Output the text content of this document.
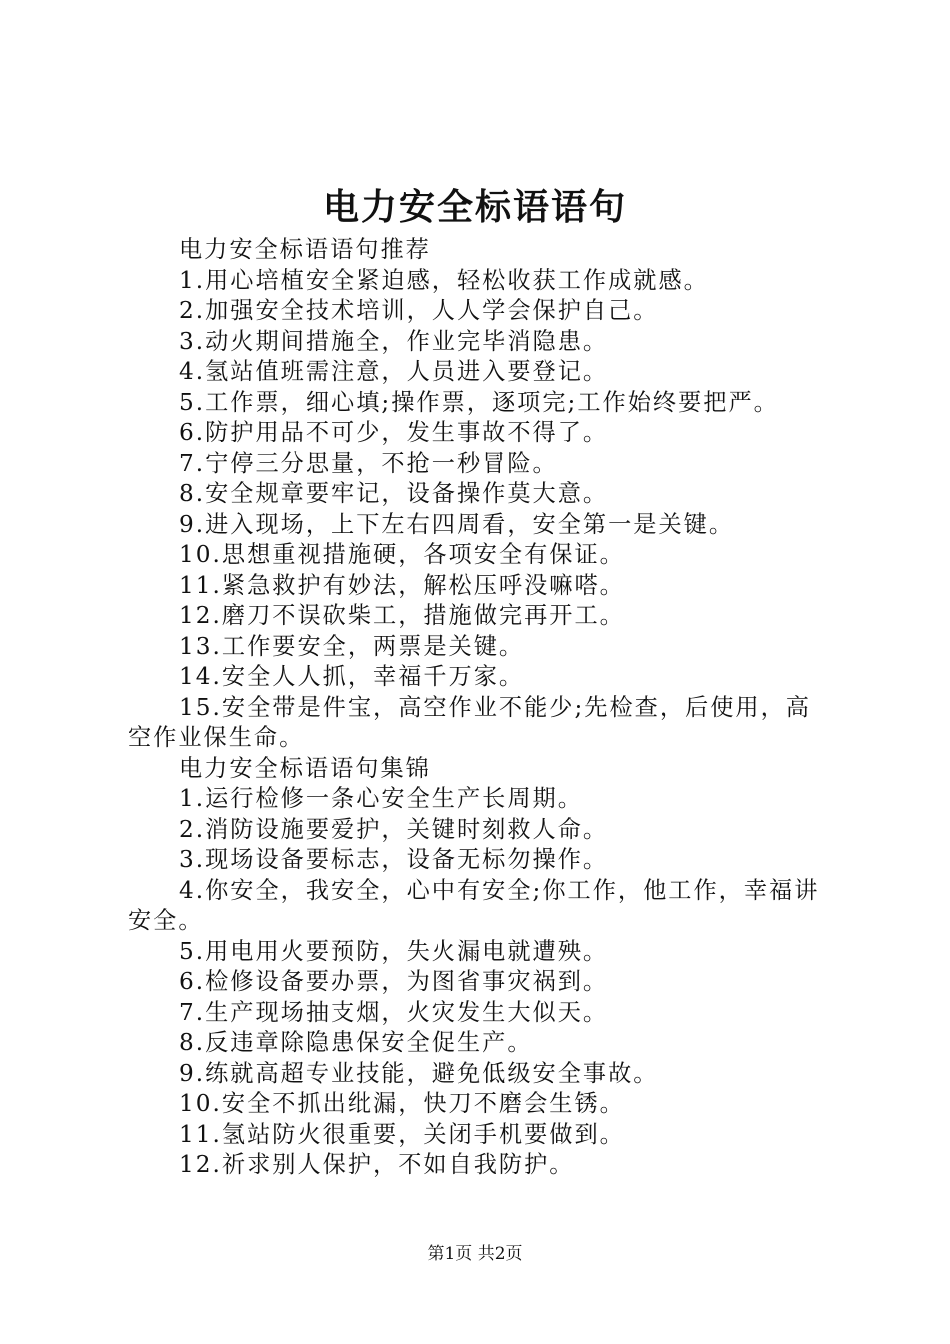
电力安全标语语句
电力安全标语语句推荐
1.用心培植安全紧迫感，轻松收获工作成就感。
2.加强安全技术培训，人人学会保护自己。
3.动火期间措施全，作业完毕消隐患。
4.氢站值班需注意，人员进入要登记。
5.工作票，细心填;操作票，逐项完;工作始终要把严。
6.防护用品不可少，发生事故不得了。
7.宁停三分思量，不抢一秒冒险。
8.安全规章要牢记，设备操作莫大意。
9.进入现场，上下左右四周看，安全第一是关键。
10.思想重视措施硬，各项安全有保证。
11.紧急救护有妙法，解松压呼没嘛嗒。
12.磨刀不误砍柴工，措施做完再开工。
13.工作要安全，两票是关键。
14.安全人人抓，幸福千万家。
15.安全带是件宝，高空作业不能少;先检查，后使用，高空作业保生命。
电力安全标语语句集锦
1.运行检修一条心安全生产长周期。
2.消防设施要爱护，关键时刻救人命。
3.现场设备要标志，设备无标勿操作。
4.你安全，我安全，心中有安全;你工作，他工作，幸福讲安全。
5.用电用火要预防，失火漏电就遭殃。
6.检修设备要办票，为图省事灾祸到。
7.生产现场抽支烟，火灾发生大似天。
8.反违章除隐患保安全促生产。
9.练就高超专业技能，避免低级安全事故。
10.安全不抓出纰漏，快刀不磨会生锈。
11.氢站防火很重要，关闭手机要做到。
12.祈求别人保护，不如自我防护。
第1页 共2页
